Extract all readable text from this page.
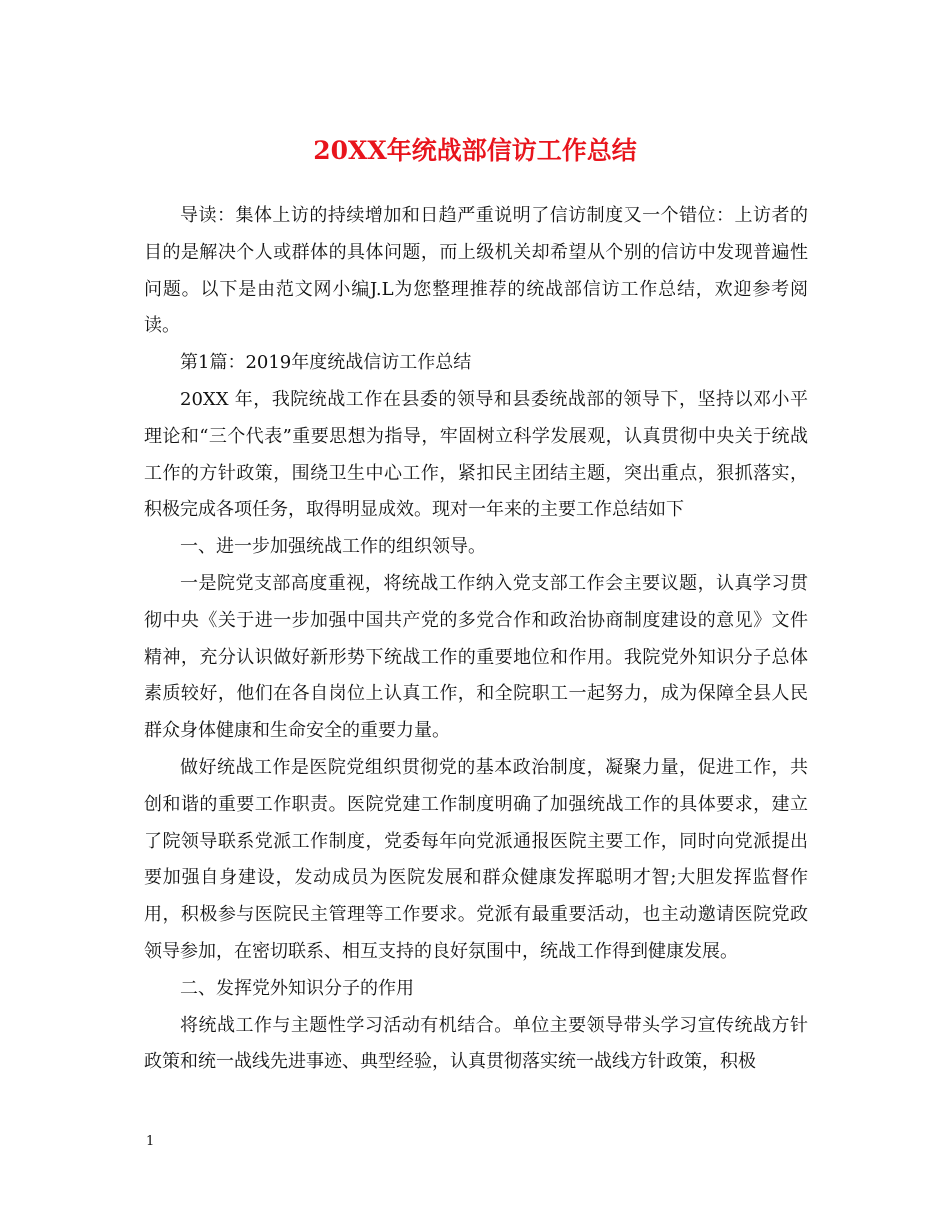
20XX年统战部信访工作总结

导读：集体上访的持续增加和日趋严重说明了信访制度又一个错位：上访者的目的是解决个人或群体的具体问题，而上级机关却希望从个别的信访中发现普遍性问题。以下是由范文网小编J.L为您整理推荐的统战部信访工作总结，欢迎参考阅读。

第1篇：2019年度统战信访工作总结

20XX 年，我院统战工作在县委的领导和县委统战部的领导下，坚持以邓小平理论和“三个代表”重要思想为指导，牢固树立科学发展观，认真贯彻中央关于统战工作的方针政策，围绕卫生中心工作，紧扣民主团结主题，突出重点，狠抓落实，积极完成各项任务，取得明显成效。现对一年来的主要工作总结如下

一、进一步加强统战工作的组织领导。

一是院党支部高度重视，将统战工作纳入党支部工作会主要议题，认真学习贯彻中央《关于进一步加强中国共产党的多党合作和政治协商制度建设的意见》文件精神，充分认识做好新形势下统战工作的重要地位和作用。我院党外知识分子总体素质较好，他们在各自岗位上认真工作，和全院职工一起努力，成为保障全县人民群众身体健康和生命安全的重要力量。

做好统战工作是医院党组织贯彻党的基本政治制度，凝聚力量，促进工作，共创和谐的重要工作职责。医院党建工作制度明确了加强统战工作的具体要求，建立了院领导联系党派工作制度，党委每年向党派通报医院主要工作，同时向党派提出要加强自身建设，发动成员为医院发展和群众健康发挥聪明才智;大胆发挥监督作用，积极参与医院民主管理等工作要求。党派有最重要活动，也主动邀请医院党政领导参加，在密切联系、相互支持的良好氛围中，统战工作得到健康发展。

二、发挥党外知识分子的作用

将统战工作与主题性学习活动有机结合。单位主要领导带头学习宣传统战方针政策和统一战线先进事迹、典型经验，认真贯彻落实统一战线方针政策，积极

1
